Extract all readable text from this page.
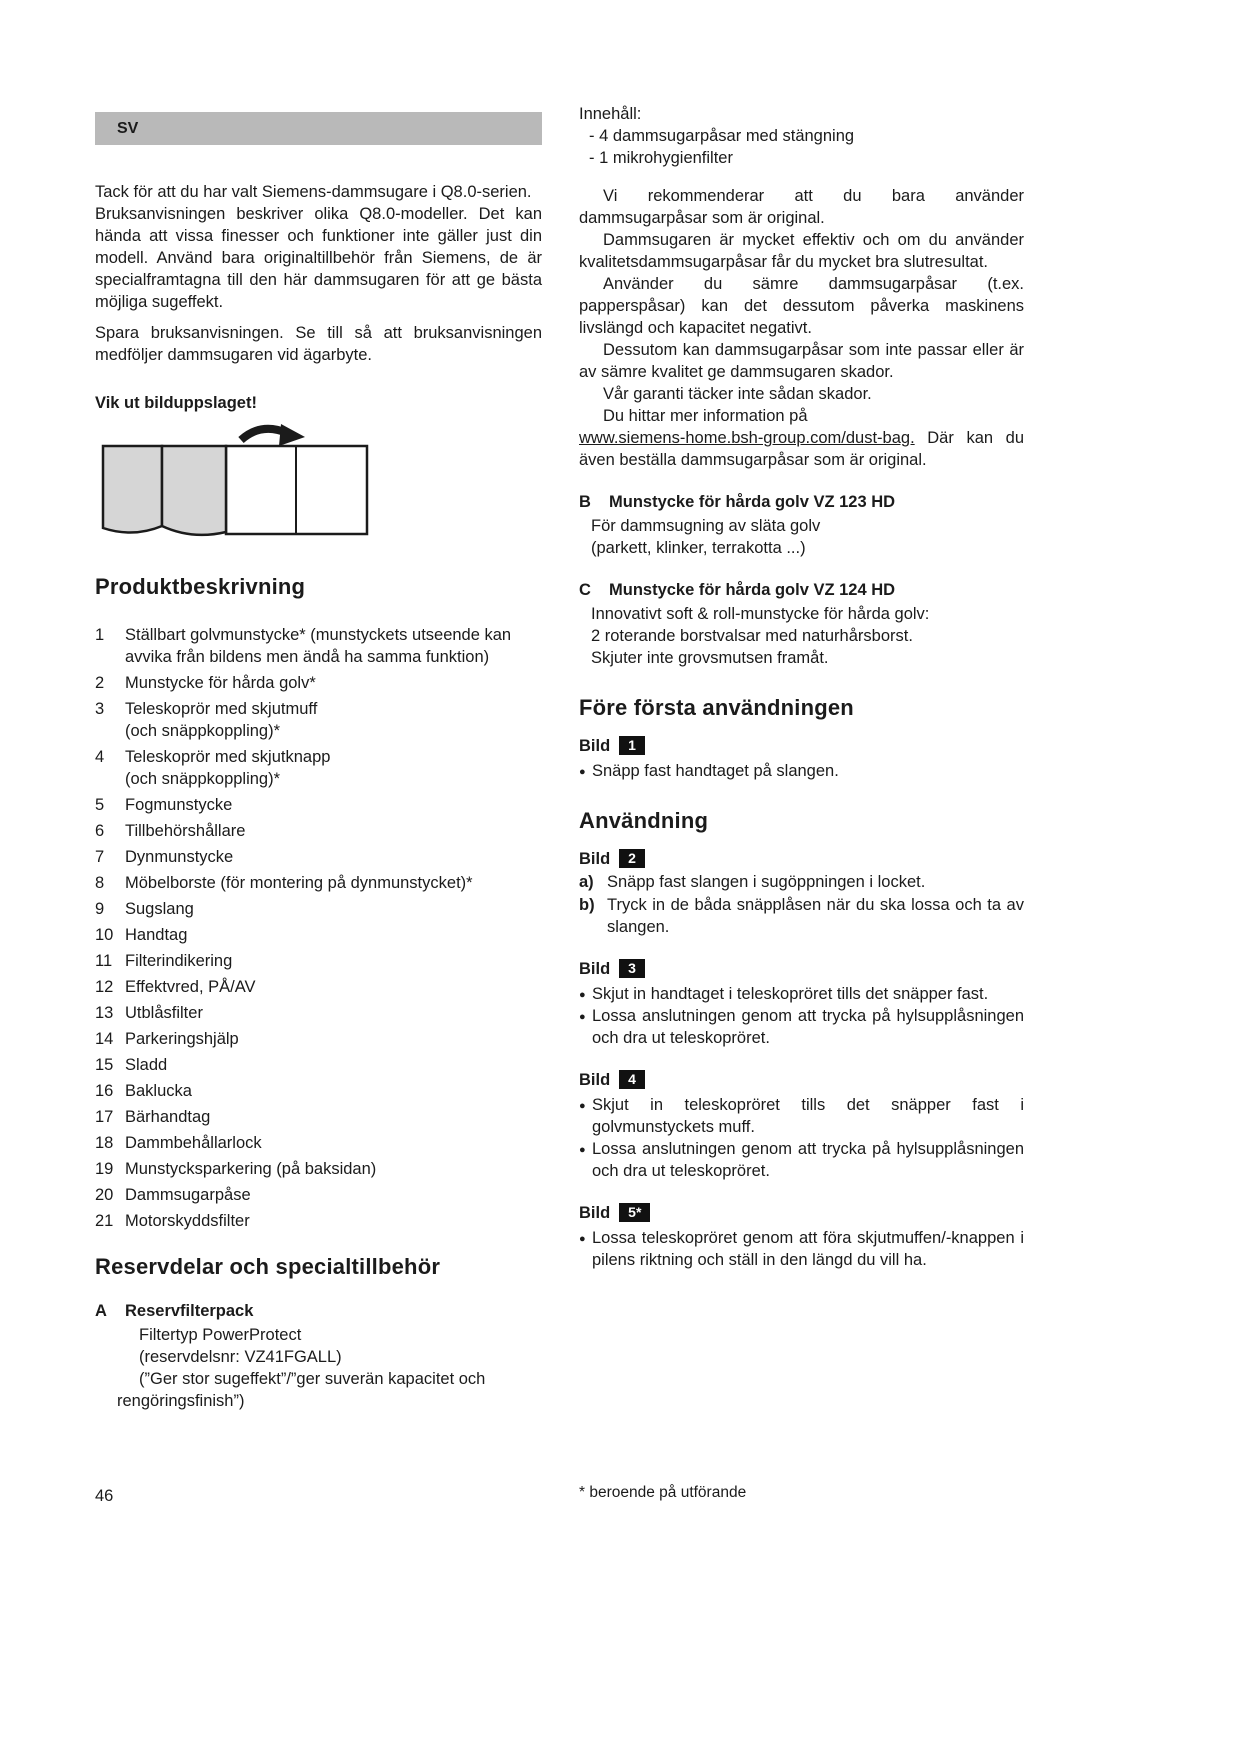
SV

Tack för att du har valt Siemens-dammsugare i Q8.0-serien.

Bruksanvisningen beskriver olika Q8.0-modeller. Det kan hända att vissa finesser och funktioner inte gäller just din modell. Använd bara originaltillbehör från Siemens, de är specialframtagna till den här dammsugaren för att ge bästa möjliga sugeffekt.

Spara bruksanvisningen. Se till så att bruksanvisningen medföljer dammsugaren vid ägarbyte.

Vik ut bilduppslaget!

Produktbeskrivning
1	Ställbart golvmunstycke* (munstyckets utseende kan
avvika från bildens men ändå ha samma funktion)
2	Munstycke för hårda golv*
3	Teleskoprör med skjutmuff
(och snäppkoppling)*
4	Teleskoprör med skjutknapp
(och snäppkoppling)*
5	Fogmunstycke
6	Tillbehörshållare
7	Dynmunstycke
8	Möbelborste (för montering på dynmunstycket)*
9	Sugslang
10 Handtag
11 Filterindikering
12 Effektvred, PÅ/AV
13 Utblåsfilter
14 Parkeringshjälp
15 Sladd
16 Baklucka
17 Bärhandtag
18 Dammbehållarlock
19 Munstycksparkering (på baksidan)
20 Dammsugarpåse
21 Motorskyddsfilter
Reservdelar och specialtillbehör
A	Reservfilterpack
Filtertyp PowerProtect
(reservdelsnr: VZ41FGALL)
(”Ger stor sugeffekt”/”ger suverän kapacitet och
rengöringsfinish”)
Innehåll:
- 4 dammsugarpåsar med stängning
- 1 mikrohygienfilter

Vi rekommenderar att du bara använder dammsugarpåsar som är original.

Dammsugaren är mycket effektiv och om du använder kvalitetsdammsugarpåsar får du mycket bra slutresultat.

Använder du sämre dammsugarpåsar (t.ex. papperspåsar) kan det dessutom påverka maskinens livslängd och kapacitet negativt.

Dessutom kan dammsugarpåsar som inte passar eller är av sämre kvalitet ge dammsugaren skador.

Vår garanti täcker inte sådan skador.

Du hittar mer information på

www.siemens-home.bsh-group.com/dust-bag. Där kan du även beställa dammsugarpåsar som är original.

B	Munstycke för hårda golv VZ 123 HD
För dammsugning av släta golv
(parkett, klinker, terrakotta ...)
C	Munstycke för hårda golv VZ 124 HD
Innovativt soft & roll-munstycke för hårda golv:
2 roterande borstvalsar med naturhårsborst.
Skjuter inte grovsmutsen framåt.
Före första användningen
Bild 1
● Snäpp fast handtaget på slangen.
Användning
Bild 2
a) Snäpp fast slangen i sugöppningen i locket.
b) Tryck in de båda snäpplåsen när du ska lossa och ta av slangen.
Bild 3
● Skjut in handtaget i teleskopröret tills det snäpper fast.
● Lossa anslutningen genom att trycka på hylsupplåsningen och dra ut teleskopröret.
Bild 4
● Skjut in teleskopröret tills det snäpper fast i golvmunstyckets muff.
● Lossa anslutningen genom att trycka på hylsupplåsningen och dra ut teleskopröret.
Bild 5*
● Lossa teleskopröret genom att föra skjutmuffen/-knappen i pilens riktning och ställ in den längd du vill ha.
* beroende på utförande
46
